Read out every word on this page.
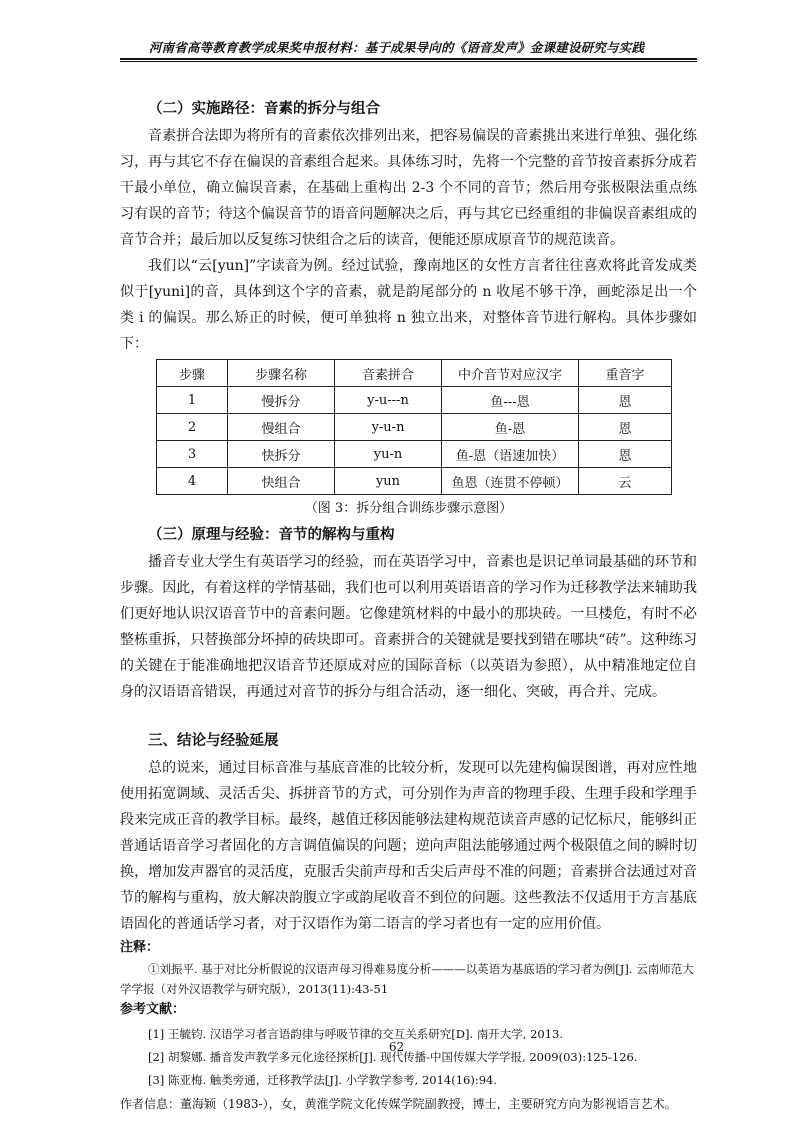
河南省高等教育教学成果奖申报材料：基于成果导向的《语音发声》金课建设研究与实践
（二）实施路径：音素的拆分与组合

音素拼合法即为将所有的音素依次排列出来，把容易偏误的音素挑出来进行单独、强化练习，再与其它不存在偏误的音素组合起来。具体练习时，先将一个完整的音节按音素拆分成若干最小单位，确立偏误音素，在基础上重构出 2-3 个不同的音节；然后用夸张极限法重点练习有误的音节；待这个偏误音节的语音问题解决之后，再与其它已经重组的非偏误音素组成的音节合并；最后加以反复练习快组合之后的读音，便能还原成原音节的规范读音。

我们以“云[yun]”字读音为例。经过试验，豫南地区的女性方言者往往喜欢将此音发成类似于[yuni]的音，具体到这个字的音素，就是韵尾部分的 n 收尾不够干净，画蛇添足出一个类 i 的偏误。那么矫正的时候，便可单独将 n 独立出来，对整体音节进行解构。具体步骤如下：

步骤	步骤名称	音素拼合	中介音节对应汉字	重音字
1	慢拆分	y-u---n	鱼---恩	恩
2	慢组合	y-u-n	鱼-恩	恩
3	快拆分	yu-n	鱼-恩（语速加快）	恩
4	快组合	yun	鱼恩（连贯不停顿）	云
（图 3：拆分组合训练步骤示意图）
（三）原理与经验：音节的解构与重构

播音专业大学生有英语学习的经验，而在英语学习中，音素也是识记单词最基础的环节和步骤。因此，有着这样的学情基础，我们也可以利用英语语音的学习作为迁移教学法来辅助我们更好地认识汉语音节中的音素问题。它像建筑材料的中最小的那块砖。一旦楼危，有时不必整栋重拆，只替换部分坏掉的砖块即可。音素拼合的关键就是要找到错在哪块“砖”。这种练习的关键在于能准确地把汉语音节还原成对应的国际音标（以英语为参照），从中精准地定位自身的汉语语音错误，再通过对音节的拆分与组合活动，逐一细化、突破，再合并、完成。

三、结论与经验延展

总的说来，通过目标音准与基底音准的比较分析，发现可以先建构偏误图谱，再对应性地使用拓宽调域、灵活舌尖、拆拼音节的方式，可分别作为声音的物理手段、生理手段和学理手段来完成正音的教学目标。最终，越值迁移因能够法建构规范读音声感的记忆标尺，能够纠正普通话语音学习者固化的方言调值偏误的问题；逆向声阻法能够通过两个极限值之间的瞬时切换，增加发声器官的灵活度，克服舌尖前声母和舌尖后声母不准的问题；音素拼合法通过对音节的解构与重构，放大解决韵腹立字或韵尾收音不到位的问题。这些教法不仅适用于方言基底语固化的普通话学习者，对于汉语作为第二语言的学习者也有一定的应用价值。

注释：
①刘振平. 基于对比分析假说的汉语声母习得难易度分析———以英语为基底语的学习者为例[J]. 云南师范大
学学报（对外汉语教学与研究版），2013(11):43-51
参考文献：
[1] 王毓钧. 汉语学习者言语韵律与呼吸节律的交互关系研究[D]. 南开大学, 2013.
[2] 胡黎娜. 播音发声教学多元化途径探析[J]. 现代传播-中国传媒大学学报, 2009(03):125-126.
[3] 陈亚梅. 触类旁通，迁移教学法[J]. 小学教学参考, 2014(16):94.
作者信息：董海颖（1983-），女，黄淮学院文化传媒学院副教授，博士，主要研究方向为影视语言艺术。
62
